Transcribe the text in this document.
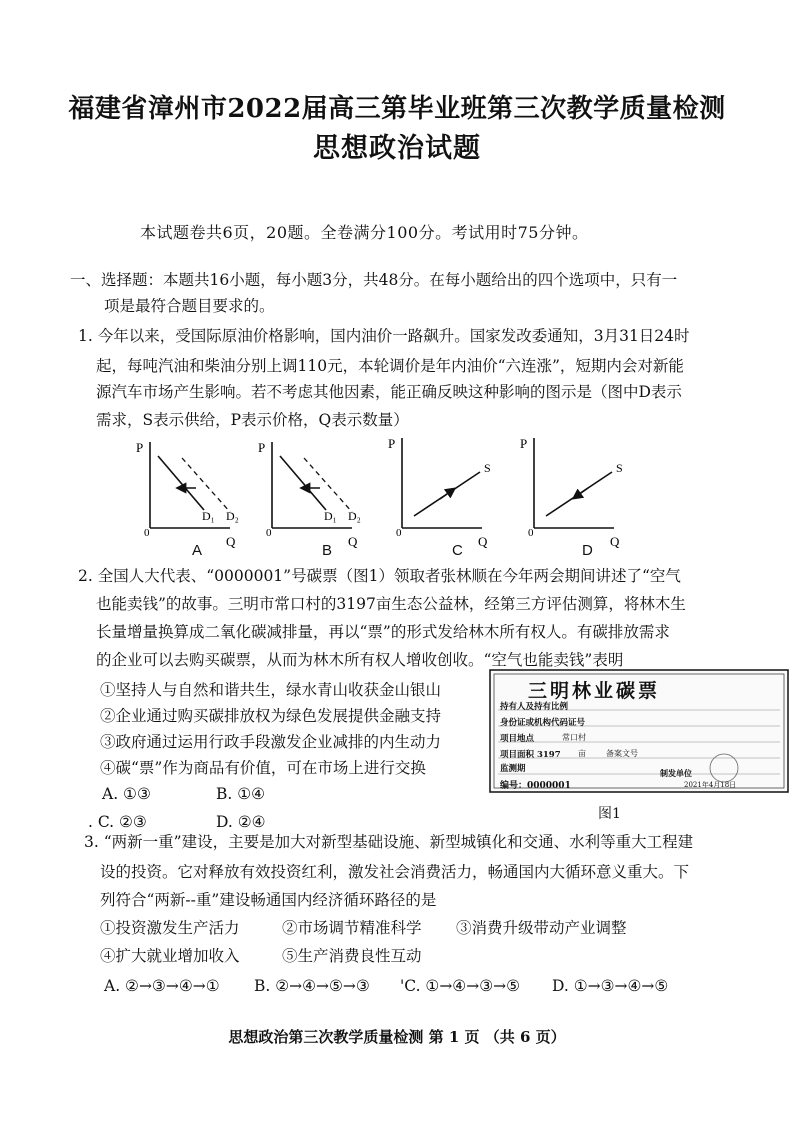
福建省漳州市2022届高三第毕业班第三次教学质量检测
思想政治试题
本试题卷共6页，20题。全卷满分100分。考试用时75分钟。
一、选择题：本题共16小题，每小题3分，共48分。在每小题给出的四个选项中，只有一
项是最符合题目要求的。
1. 今年以来，受国际原油价格影响，国内油价一路飙升。国家发改委通知，3月31日24时
起，每吨汽油和柴油分别上调110元，本轮调价是年内油价“六连涨”，短期内会对新能
源汽车市场产生影响。若不考虑其他因素，能正确反映这种影响的图示是（图中D表示
需求，S表示供给，P表示价格，Q表示数量）
P
Q
0
D₁ D₂
P
Q
0
D₁ D₂
P
Q
0
S
P
Q
0
S
A	B	C	D
2. 全国人大代表、“0000001”号碳票（图1）领取者张林顺在今年两会期间讲述了“空气
也能卖钱”的故事。三明市常口村的3197亩生态公益林，经第三方评估测算，将林木生
长量增量换算成二氧化碳减排量，再以“票”的形式发给林木所有权人。有碳排放需求
的企业可以去购买碳票，从而为林木所有权人增收创收。“空气也能卖钱”表明
①坚持人与自然和谐共生，绿水青山收获金山银山
②企业通过购买碳排放权为绿色发展提供金融支持
③政府通过运用行政手段激发企业减排的内生动力
④碳“票”作为商品有价值，可在市场上进行交换
A. ①③	B. ①④
. C. ②③	D. ②④
三明林业碳票
持有人及持有比例
身份证或机构代码证号
项目地点	常口村
项目面积 3197 亩	备案文号
监测期
编号：0000001
制发单位
2021年4月18日
图1
3. “两新一重”建设，主要是加大对新型基础设施、新型城镇化和交通、水利等重大工程建
设的投资。它对释放有效投资红利，激发社会消费活力，畅通国内大循环意义重大。下
列符合“两新--重”建设畅通国内经济循环路径的是
①投资激发生产活力	②市场调节精准科学 ③消费升级带动产业调整
④扩大就业增加收入	⑤生产消费良性互动
A. ②→③→④→① B. ②→④→⑤→③ 'C. ①→④→③→⑤ D. ①→③→④→⑤
思想政治第三次教学质量检测 第 1 页 （共 6 页）
